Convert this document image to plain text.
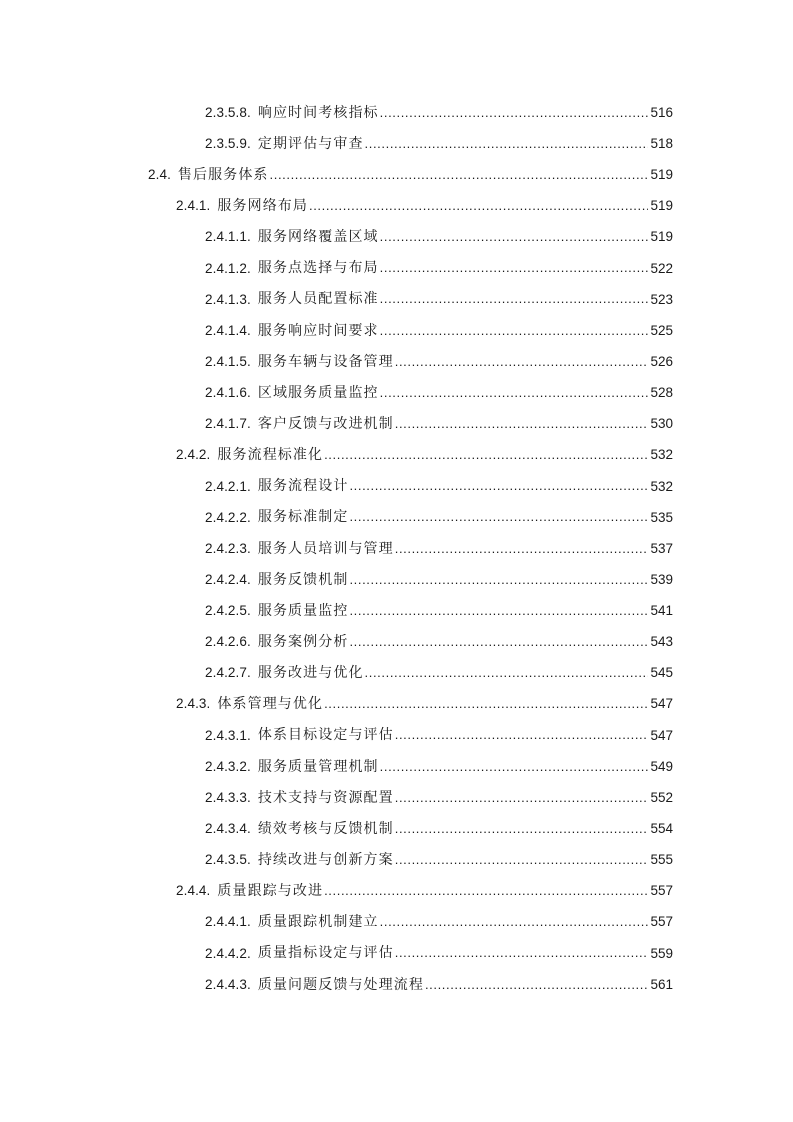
2.3.5.8. 响应时间考核指标 .....	516
2.3.5.9. 定期评估与审查 .....	518
2.4. 售后服务体系 .....	519
2.4.1. 服务网络布局 .....	519
2.4.1.1. 服务网络覆盖区域 .....	519
2.4.1.2. 服务点选择与布局 .....	522
2.4.1.3. 服务人员配置标准 .....	523
2.4.1.4. 服务响应时间要求 .....	525
2.4.1.5. 服务车辆与设备管理 .....	526
2.4.1.6. 区域服务质量监控 .....	528
2.4.1.7. 客户反馈与改进机制 .....	530
2.4.2. 服务流程标准化 .....	532
2.4.2.1. 服务流程设计 .....	532
2.4.2.2. 服务标准制定 .....	535
2.4.2.3. 服务人员培训与管理 .....	537
2.4.2.4. 服务反馈机制 .....	539
2.4.2.5. 服务质量监控 .....	541
2.4.2.6. 服务案例分析 .....	543
2.4.2.7. 服务改进与优化 .....	545
2.4.3. 体系管理与优化 .....	547
2.4.3.1. 体系目标设定与评估 .....	547
2.4.3.2. 服务质量管理机制 .....	549
2.4.3.3. 技术支持与资源配置 .....	552
2.4.3.4. 绩效考核与反馈机制 .....	554
2.4.3.5. 持续改进与创新方案 .....	555
2.4.4. 质量跟踪与改进 .....	557
2.4.4.1. 质量跟踪机制建立 .....	557
2.4.4.2. 质量指标设定与评估 .....	559
2.4.4.3. 质量问题反馈与处理流程 .....	561
